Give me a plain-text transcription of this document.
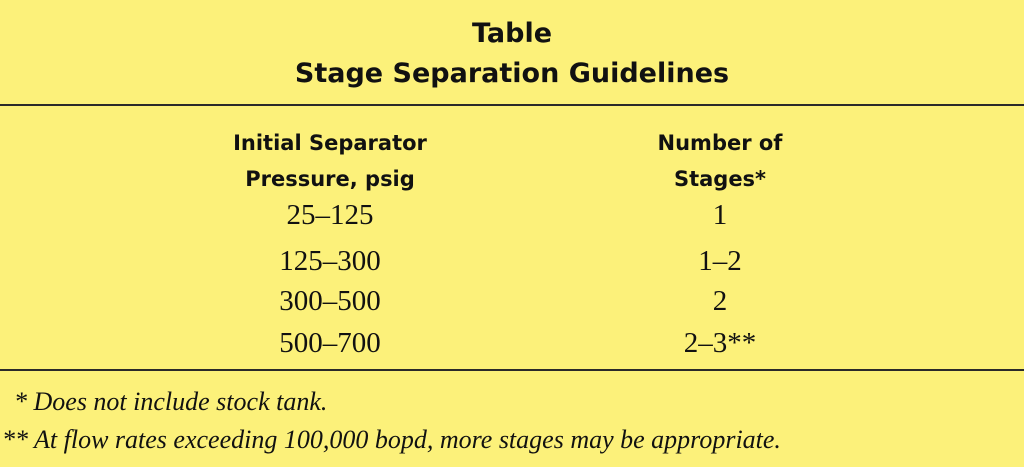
Table
Stage Separation Guidelines
Initial Separator
Pressure, psig
25–125
125–300
300–500
500–700
Number of
Stages*
1
1–2
2
2–3**
* Does not include stock tank.
** At flow rates exceeding 100,000 bopd, more stages may be appropriate.
